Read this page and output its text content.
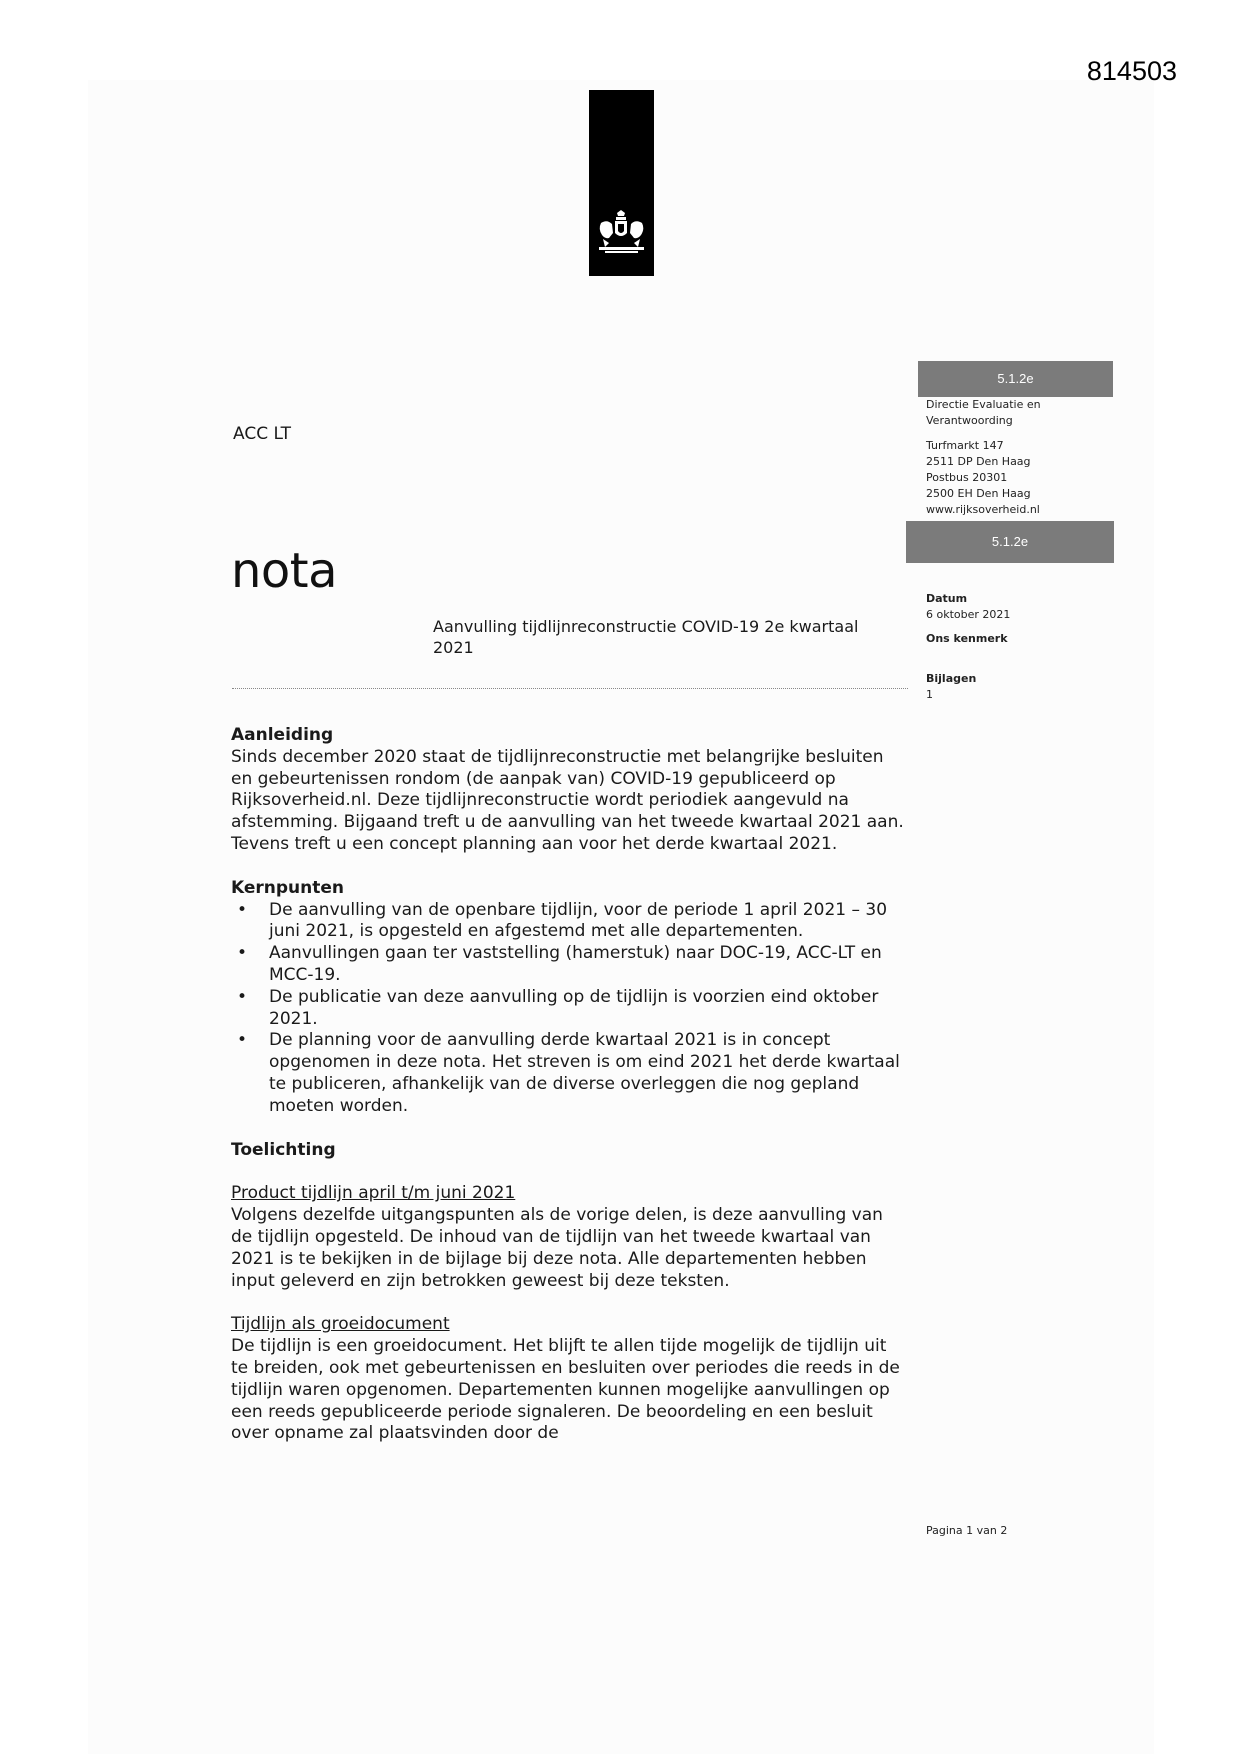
814503
ACC LT
nota
Aanvulling tijdlijnreconstructie COVID-19 2e kwartaal 2021
5.1.2e
5.1.2e
Directie Evaluatie en
Verantwoording
Turfmarkt 147
2511 DP Den Haag
Postbus 20301
2500 EH Den Haag
www.rijksoverheid.nl
Datum
6 oktober 2021
Ons kenmerk
Bijlagen
1
Aanleiding

Sinds december 2020 staat de tijdlijnreconstructie met belangrijke besluiten en gebeurtenissen rondom (de aanpak van) COVID-19 gepubliceerd op Rijksoverheid.nl. Deze tijdlijnreconstructie wordt periodiek aangevuld na afstemming. Bijgaand treft u de aanvulling van het tweede kwartaal 2021 aan. Tevens treft u een concept planning aan voor het derde kwartaal 2021.

Kernpunten
• De aanvulling van de openbare tijdlijn, voor de periode 1 april 2021 – 30 juni 2021, is opgesteld en afgestemd met alle departementen.
• Aanvullingen gaan ter vaststelling (hamerstuk) naar DOC-19, ACC-LT en MCC-19.
• De publicatie van deze aanvulling op de tijdlijn is voorzien eind oktober 2021.
• De planning voor de aanvulling derde kwartaal 2021 is in concept opgenomen in deze nota. Het streven is om eind 2021 het derde kwartaal te publiceren, afhankelijk van de diverse overleggen die nog gepland moeten worden.
Toelichting

Product tijdlijn april t/m juni 2021

Volgens dezelfde uitgangspunten als de vorige delen, is deze aanvulling van de tijdlijn opgesteld. De inhoud van de tijdlijn van het tweede kwartaal van 2021 is te bekijken in de bijlage bij deze nota. Alle departementen hebben input geleverd en zijn betrokken geweest bij deze teksten.

Tijdlijn als groeidocument

De tijdlijn is een groeidocument. Het blijft te allen tijde mogelijk de tijdlijn uit te breiden, ook met gebeurtenissen en besluiten over periodes die reeds in de tijdlijn waren opgenomen. Departementen kunnen mogelijke aanvullingen op een reeds gepubliceerde periode signaleren. De beoordeling en een besluit over opname zal plaatsvinden door de

Pagina 1 van 2
